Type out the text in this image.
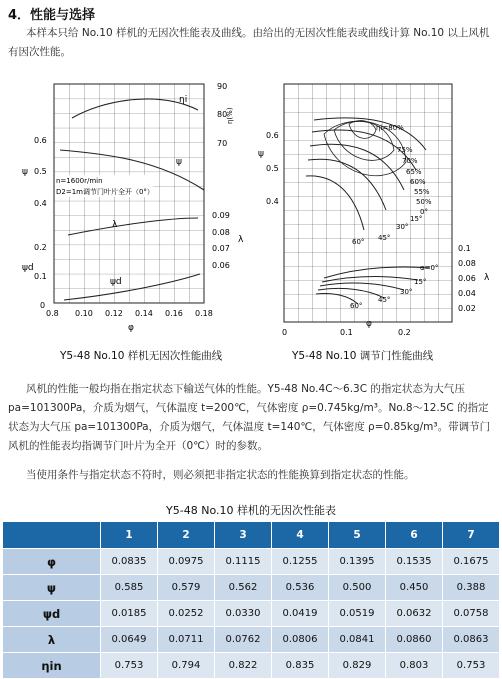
4．性能与选择
本样本只给 No.10 样机的无因次性能表及曲线。由给出的无因次性能表或曲线计算 No.10 以上风机有因次性能。
ηi
ψ
λ
ψd
n=1600r/min
D2=1m调节门叶片全开（0°）
0.6
0.5
0.4
ψ
0.2
0.1
0
ψd
90
80
70
η(%)
0.09
0.08
0.07
0.06
λ
0.8 0.10 0.12 0.14 0.16 0.18
φ
ηi=80%
75%
70%
65%
60%
55%
50%
0°
15°
30°
45°
60°
α=0°
15°
30°
45°
60°
0.6
0.5
0.4
ψ
0.1
0.08
0.06
0.04
0.02
λ
0	0.1	0.2
φ
Y5-48 No.10 样机无因次性能曲线	Y5-48 No.10 调节门性能曲线
风机的性能一般均指在指定状态下输送气体的性能。Y5-48 No.4C～6.3C 的指定状态为大气压 pa=101300Pa，介质为烟气，气体温度 t=200℃，气体密度 ρ=0.745kg/m³。No.8～12.5C 的指定状态为大气压 pa=101300Pa，介质为烟气，气体温度 t=140℃，气体密度 ρ=0.85kg/m³。带调节门风机的性能表均指调节门叶片为全开（0℃）时的参数。
当使用条件与指定状态不符时，则必须把非指定状态的性能换算到指定状态的性能。
Y5-48 No.10 样机的无因次性能表
	1	2	3	4	5	6	7
φ	0.0835	0.0975	0.1115	0.1255	0.1395	0.1535	0.1675
ψ	0.585	0.579	0.562	0.536	0.500	0.450	0.388
ψd	0.0185	0.0252	0.0330	0.0419	0.0519	0.0632	0.0758
λ	0.0649	0.0711	0.0762	0.0806	0.0841	0.0860	0.0863
ηin	0.753	0.794	0.822	0.835	0.829	0.803	0.753
